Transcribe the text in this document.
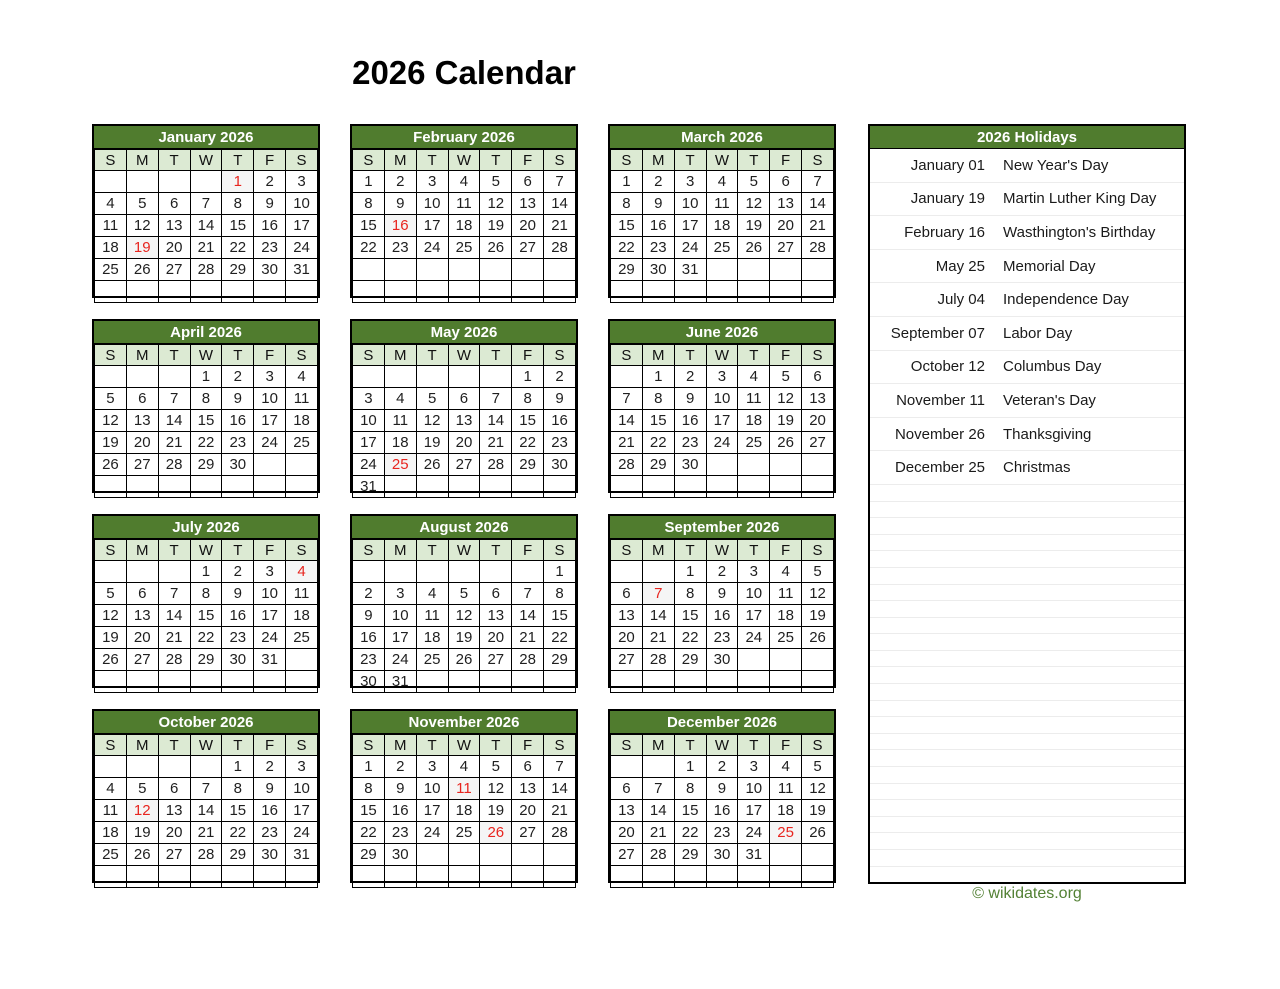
2026 Calendar
January 2026
S	M	T	W	T	F	S
				1	2	3
4	5	6	7	8	9	10
11	12	13	14	15	16	17
18	19	20	21	22	23	24
25	26	27	28	29	30	31

February 2026
S	M	T	W	T	F	S
1	2	3	4	5	6	7
8	9	10	11	12	13	14
15	16	17	18	19	20	21
22	23	24	25	26	27	28

March 2026
S	M	T	W	T	F	S
1	2	3	4	5	6	7
8	9	10	11	12	13	14
15	16	17	18	19	20	21
22	23	24	25	26	27	28
29	30	31				

April 2026
S	M	T	W	T	F	S
			1	2	3	4
5	6	7	8	9	10	11
12	13	14	15	16	17	18
19	20	21	22	23	24	25
26	27	28	29	30		

May 2026
S	M	T	W	T	F	S
					1	2
3	4	5	6	7	8	9
10	11	12	13	14	15	16
17	18	19	20	21	22	23
24	25	26	27	28	29	30
31						
June 2026
S	M	T	W	T	F	S
	1	2	3	4	5	6
7	8	9	10	11	12	13
14	15	16	17	18	19	20
21	22	23	24	25	26	27
28	29	30				

July 2026
S	M	T	W	T	F	S
			1	2	3	4
5	6	7	8	9	10	11
12	13	14	15	16	17	18
19	20	21	22	23	24	25
26	27	28	29	30	31	

August 2026
S	M	T	W	T	F	S
						1
2	3	4	5	6	7	8
9	10	11	12	13	14	15
16	17	18	19	20	21	22
23	24	25	26	27	28	29
30	31					
September 2026
S	M	T	W	T	F	S
		1	2	3	4	5
6	7	8	9	10	11	12
13	14	15	16	17	18	19
20	21	22	23	24	25	26
27	28	29	30			

October 2026
S	M	T	W	T	F	S
				1	2	3
4	5	6	7	8	9	10
11	12	13	14	15	16	17
18	19	20	21	22	23	24
25	26	27	28	29	30	31

November 2026
S	M	T	W	T	F	S
1	2	3	4	5	6	7
8	9	10	11	12	13	14
15	16	17	18	19	20	21
22	23	24	25	26	27	28
29	30					

December 2026
S	M	T	W	T	F	S
		1	2	3	4	5
6	7	8	9	10	11	12
13	14	15	16	17	18	19
20	21	22	23	24	25	26
27	28	29	30	31		

2026 Holidays
January 01	New Year's Day
January 19	Martin Luther King Day
February 16	Wasthington's Birthday
May 25	Memorial Day
July 04	Independence Day
September 07	Labor Day
October 12	Columbus Day
November 11	Veteran's Day
November 26	Thanksgiving
December 25	Christmas
© wikidates.org
